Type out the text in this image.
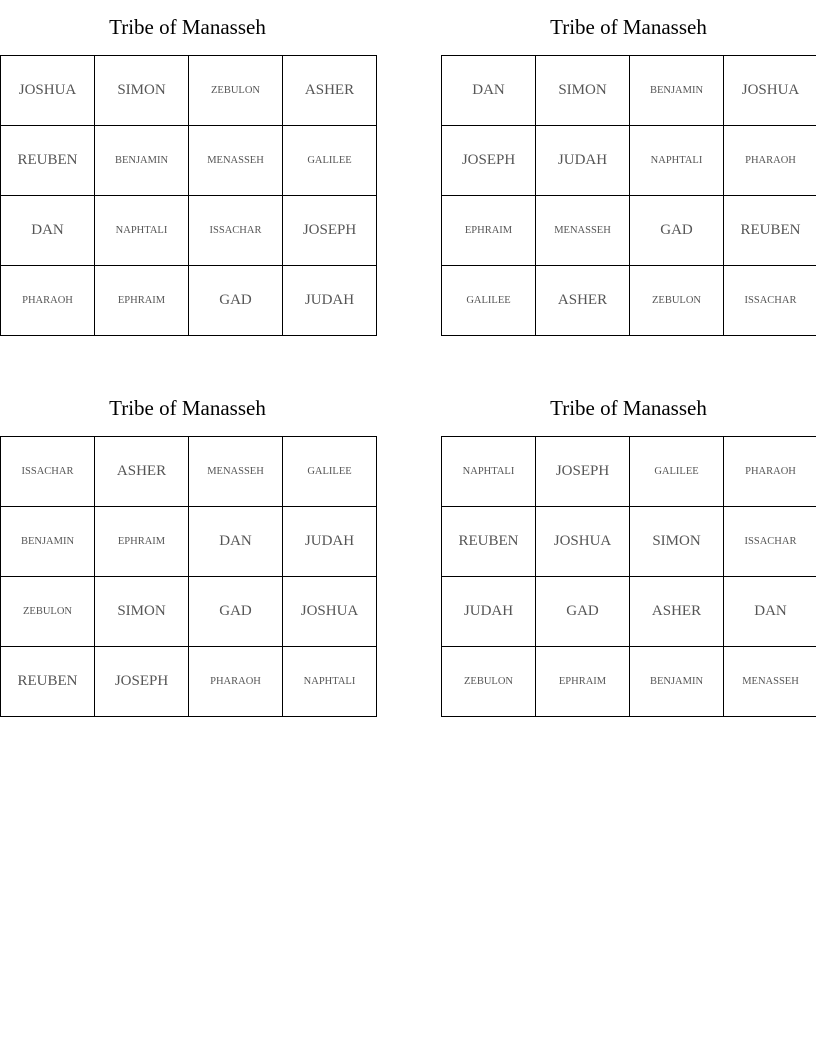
Tribe of Manasseh
JOSHUA	SIMON	ZEBULON	ASHER
REUBEN	BENJAMIN	MENASSEH	GALILEE
DAN	NAPHTALI	ISSACHAR	JOSEPH
PHARAOH	EPHRAIM	GAD	JUDAH
Tribe of Manasseh
DAN	SIMON	BENJAMIN	JOSHUA
JOSEPH	JUDAH	NAPHTALI	PHARAOH
EPHRAIM	MENASSEH	GAD	REUBEN
GALILEE	ASHER	ZEBULON	ISSACHAR
Tribe of Manasseh
ISSACHAR	ASHER	MENASSEH	GALILEE
BENJAMIN	EPHRAIM	DAN	JUDAH
ZEBULON	SIMON	GAD	JOSHUA
REUBEN	JOSEPH	PHARAOH	NAPHTALI
Tribe of Manasseh
NAPHTALI	JOSEPH	GALILEE	PHARAOH
REUBEN	JOSHUA	SIMON	ISSACHAR
JUDAH	GAD	ASHER	DAN
ZEBULON	EPHRAIM	BENJAMIN	MENASSEH
